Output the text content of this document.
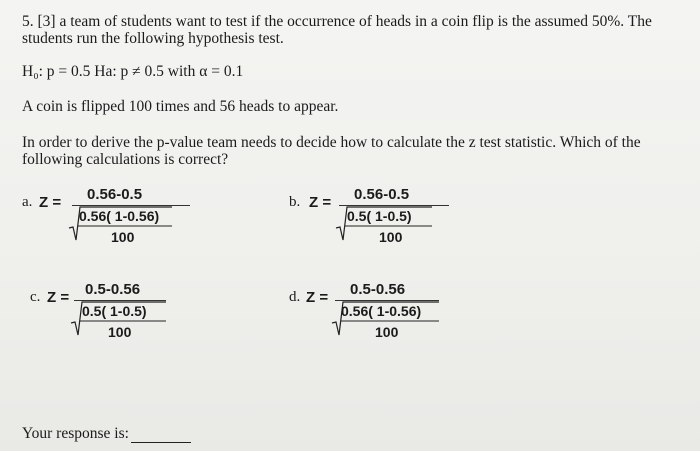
5. [3] a team of students want to test if the occurrence of heads in a coin flip is the assumed 50%. The
students run the following hypothesis test.
H₀: p = 0.5 Ha: p ≠ 0.5 with α = 0.1
A coin is flipped 100 times and 56 heads to appear.
In order to derive the p-value team needs to decide how to calculate the z test statistic. Which of the
following calculations is correct?
a. Z = 0.56-0.5
0.56( 1-0.56)
100
b. Z = 0.56-0.5
0.5( 1-0.5)
100
c. Z = 0.5-0.56
0.5( 1-0.5)
100
d. Z = 0.5-0.56
0.56( 1-0.56)
100
Your response is:
